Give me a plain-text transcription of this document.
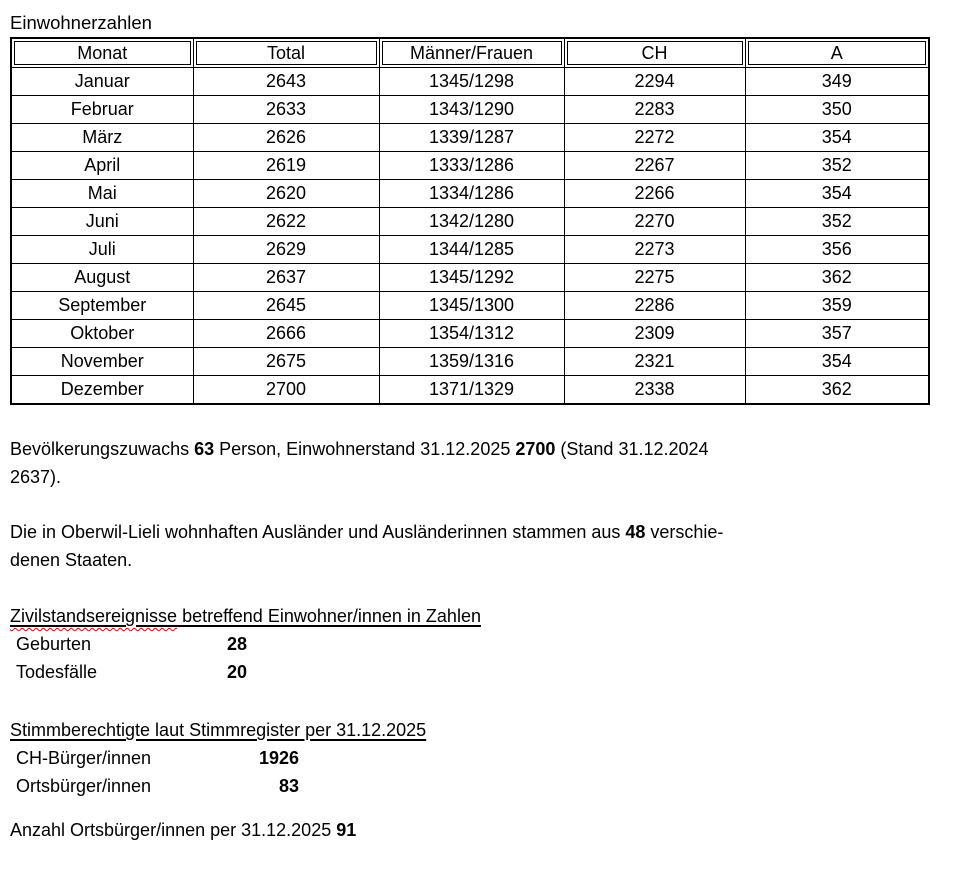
Einwohnerzahlen
Monat	Total	Männer/Frauen	CH	A

Januar	2643	1345/1298	2294	349
Februar	2633	1343/1290	2283	350
März	2626	1339/1287	2272	354
April	2619	1333/1286	2267	352
Mai	2620	1334/1286	2266	354
Juni	2622	1342/1280	2270	352
Juli	2629	1344/1285	2273	356
August	2637	1345/1292	2275	362
September	2645	1345/1300	2286	359
Oktober	2666	1354/1312	2309	357
November	2675	1359/1316	2321	354
Dezember	2700	1371/1329	2338	362
Bevölkerungszuwachs 63 Person, Einwohnerstand 31.12.2025 2700 (Stand 31.12.2024
2637).
Die in Oberwil-Lieli wohnhaften Ausländer und Ausländerinnen stammen aus 48 verschie-
denen Staaten.
Zivilstandsereignisse betreffend Einwohner/innen in Zahlen
Geburten	28
Todesfälle	20
Stimmberechtigte laut Stimmregister per 31.12.2025
CH-Bürger/innen	1926
Ortsbürger/innen	83
Anzahl Ortsbürger/innen per 31.12.2025 91
